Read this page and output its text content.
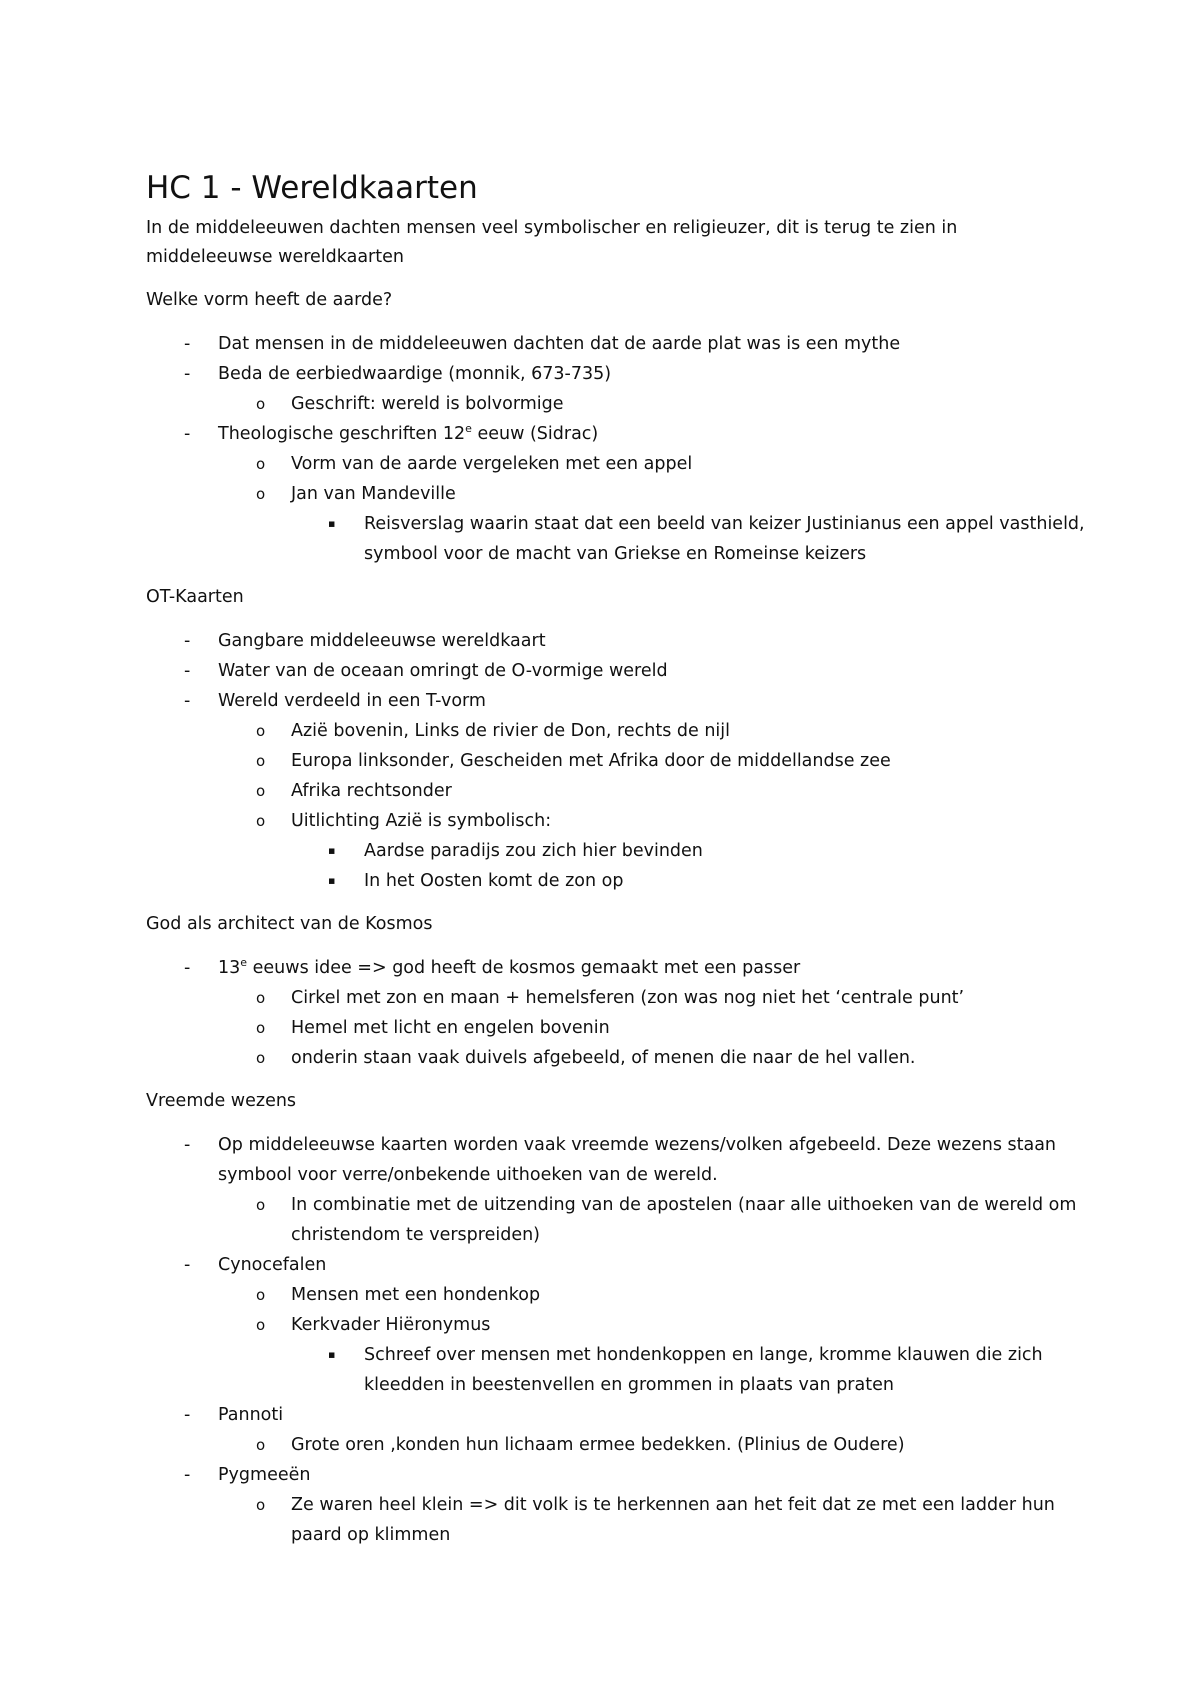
HC 1 - Wereldkaarten

In de middeleeuwen dachten mensen veel symbolischer en religieuzer, dit is terug te zien in middeleeuwse wereldkaarten

Welke vorm heeft de aarde?

-	Dat mensen in de middeleeuwen dachten dat de aarde plat was is een mythe
-	Beda de eerbiedwaardige (monnik, 673-735)
o	Geschrift: wereld is bolvormige
-	Theologische geschriften 12e eeuw (Sidrac)
o	Vorm van de aarde vergeleken met een appel
o	Jan van Mandeville
▪	Reisverslag waarin staat dat een beeld van keizer Justinianus een appel vasthield, symbool voor de macht van Griekse en Romeinse keizers

OT-Kaarten

-	Gangbare middeleeuwse wereldkaart
-	Water van de oceaan omringt de O-vormige wereld
-	Wereld verdeeld in een T-vorm
o	Azië bovenin, Links de rivier de Don, rechts de nijl
o	Europa linksonder, Gescheiden met Afrika door de middellandse zee
o	Afrika rechtsonder
o	Uitlichting Azië is symbolisch:
▪	Aardse paradijs zou zich hier bevinden
▪	In het Oosten komt de zon op

God als architect van de Kosmos

-	13e eeuws idee => god heeft de kosmos gemaakt met een passer
o	Cirkel met zon en maan + hemelsferen (zon was nog niet het ‘centrale punt’
o	Hemel met licht en engelen bovenin
o	onderin staan vaak duivels afgebeeld, of menen die naar de hel vallen.

Vreemde wezens

-	Op middeleeuwse kaarten worden vaak vreemde wezens/volken afgebeeld. Deze wezens staan symbool voor verre/onbekende uithoeken van de wereld.
o	In combinatie met de uitzending van de apostelen (naar alle uithoeken van de wereld om christendom te verspreiden)
-	Cynocefalen
o	Mensen met een hondenkop
o	Kerkvader Hiëronymus
▪	Schreef over mensen met hondenkoppen en lange, kromme klauwen die zich kleedden in beestenvellen en grommen in plaats van praten
-	Pannoti
o	Grote oren ,konden hun lichaam ermee bedekken. (Plinius de Oudere)
-	Pygmeeën
o	Ze waren heel klein => dit volk is te herkennen aan het feit dat ze met een ladder hun paard op klimmen
